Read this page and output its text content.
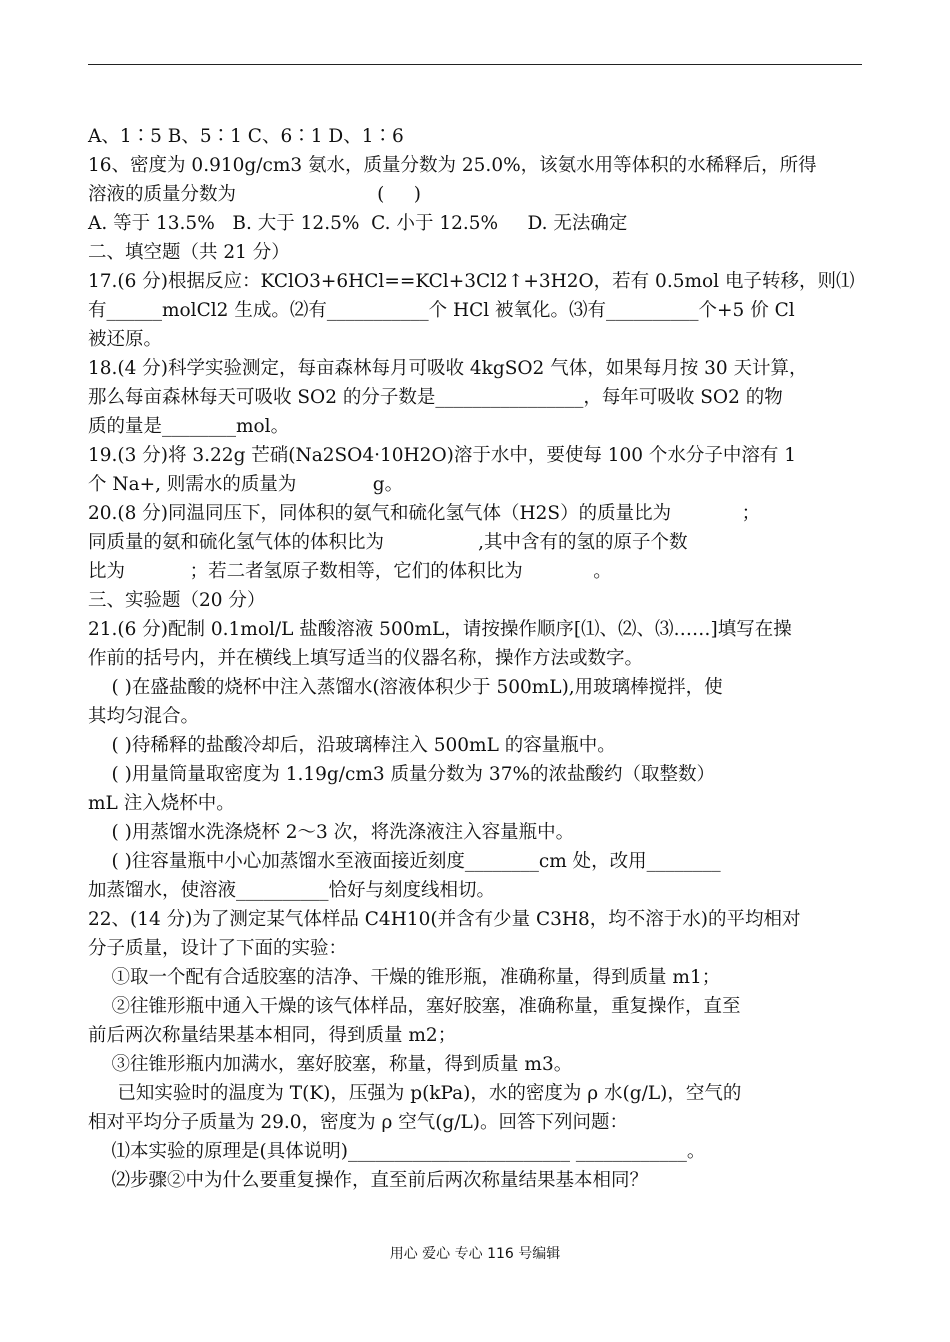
A、1∶5 B、5∶1 C、6∶1 D、1∶6
16、密度为 0.910g/cm3 氨水，质量分数为 25.0%，该氨水用等体积的水稀释后，所得
溶液的质量分数为                        (     )
A. 等于 13.5%   B. 大于 12.5%  C. 小于 12.5%     D. 无法确定
二、填空题（共 21 分）
17.(6 分)根据反应：KClO3+6HCl==KCl+3Cl2↑+3H2O，若有 0.5mol 电子转移，则⑴
有______molCl2 生成。⑵有___________个 HCl 被氧化。⑶有__________个+5 价 Cl
被还原。
18.(4 分)科学实验测定，每亩森林每月可吸收 4kgSO2 气体，如果每月按 30 天计算，
那么每亩森林每天可吸收 SO2 的分子数是________________，每年可吸收 SO2 的物
质的量是________mol。
19.(3 分)将 3.22g 芒硝(Na2SO4·10H2O)溶于水中，要使每 100 个水分子中溶有 1
个 Na+, 则需水的质量为             g。
20.(8 分)同温同压下，同体积的氨气和硫化氢气体（H2S）的质量比为            ；
同质量的氨和硫化氢气体的体积比为                ,其中含有的氢的原子个数
比为           ；若二者氢原子数相等，它们的体积比为            。
三、实验题（20 分）
21.(6 分)配制 0.1mol/L 盐酸溶液 500mL，请按操作顺序[⑴、⑵、⑶……]填写在操
作前的括号内，并在横线上填写适当的仪器名称，操作方法或数字。
( )在盛盐酸的烧杯中注入蒸馏水(溶液体积少于 500mL),用玻璃棒搅拌，使
其均匀混合。
( )待稀释的盐酸冷却后，沿玻璃棒注入 500mL 的容量瓶中。
( )用量筒量取密度为 1.19g/cm3 质量分数为 37%的浓盐酸约（取整数）
mL 注入烧杯中。
( )用蒸馏水洗涤烧杯 2～3 次，将洗涤液注入容量瓶中。
( )往容量瓶中小心加蒸馏水至液面接近刻度________cm 处，改用________
加蒸馏水，使溶液__________恰好与刻度线相切。
22、(14 分)为了测定某气体样品 C4H10(并含有少量 C3H8，均不溶于水)的平均相对
分子质量，设计了下面的实验：
①取一个配有合适胶塞的洁净、干燥的锥形瓶，准确称量，得到质量 m1；
②往锥形瓶中通入干燥的该气体样品，塞好胶塞，准确称量，重复操作，直至
前后两次称量结果基本相同，得到质量 m2；
③往锥形瓶内加满水，塞好胶塞，称量，得到质量 m3。
已知实验时的温度为 T(K)，压强为 p(kPa)，水的密度为 ρ 水(g/L)，空气的
相对平均分子质量为 29.0，密度为 ρ 空气(g/L)。回答下列问题：
⑴本实验的原理是(具体说明)________________________ ____________。
⑵步骤②中为什么要重复操作，直至前后两次称量结果基本相同？
用心 爱心 专心 116 号编辑
